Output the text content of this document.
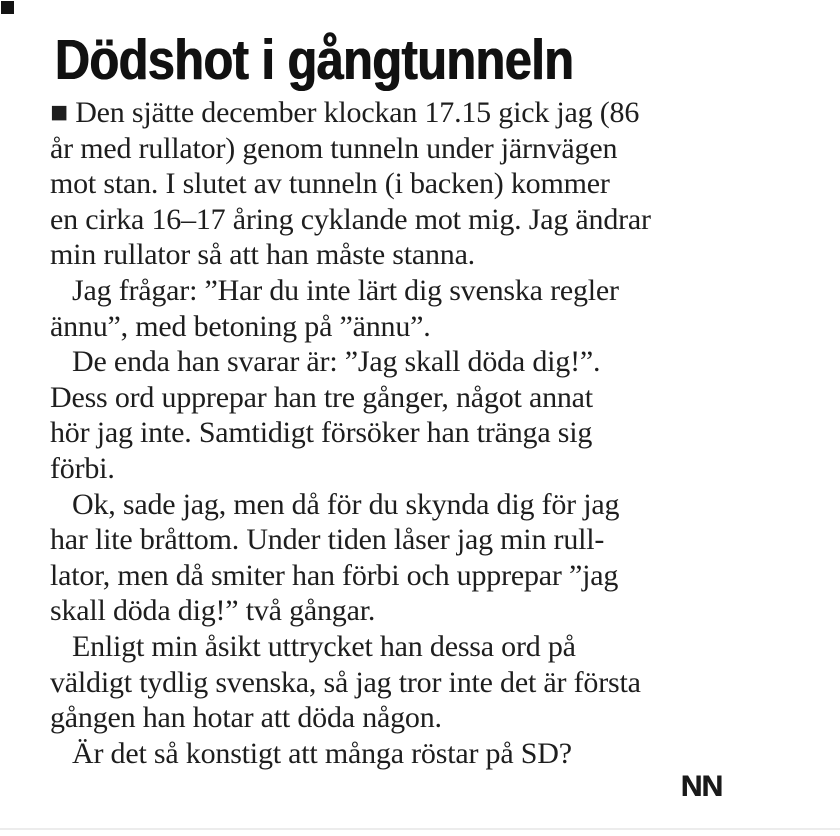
Dödshot i gångtunneln
■ Den sjätte december klockan 17.15 gick jag (86
år med rullator) genom tunneln under järnvägen
mot stan. I slutet av tunneln (i backen) kommer
en cirka 16–17 åring cyklande mot mig. Jag ändrar
min rullator så att han måste stanna.
Jag frågar: ”Har du inte lärt dig svenska regler
ännu”, med betoning på ”ännu”.
De enda han svarar är: ”Jag skall döda dig!”.
Dess ord upprepar han tre gånger, något annat
hör jag inte. Samtidigt försöker han tränga sig
förbi.
Ok, sade jag, men då för du skynda dig för jag
har lite bråttom. Under tiden låser jag min rull-
lator, men då smiter han förbi och upprepar ”jag
skall döda dig!” två gångar.
Enligt min åsikt uttrycket han dessa ord på
väldigt tydlig svenska, så jag tror inte det är första
gången han hotar att döda någon.
Är det så konstigt att många röstar på SD?
NN
